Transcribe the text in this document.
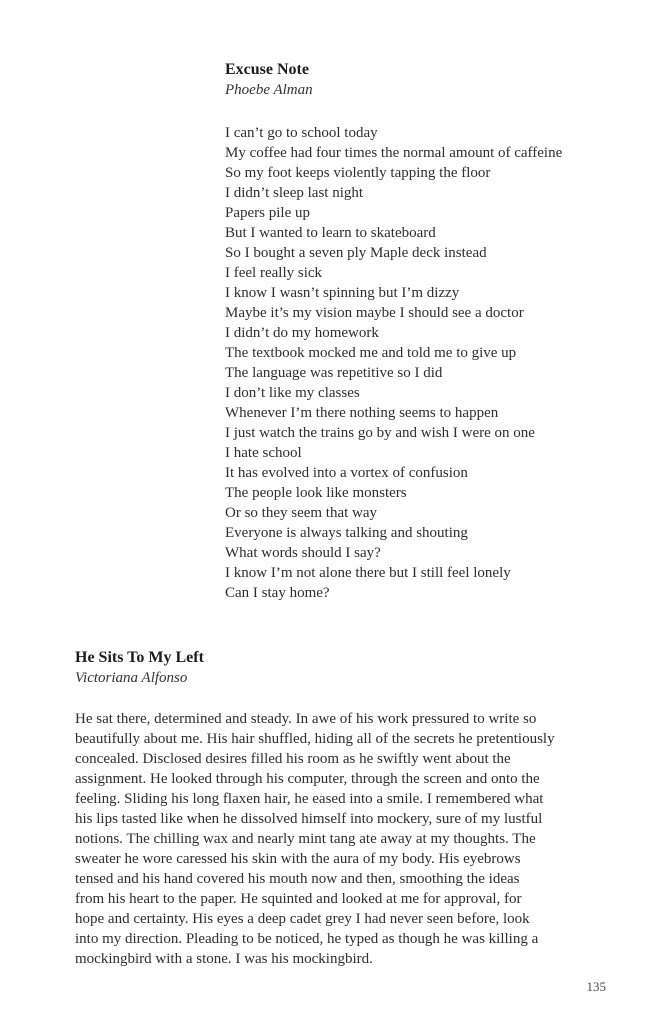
Excuse Note
Phoebe Alman
I can’t go to school today
My coffee had four times the normal amount of caffeine
So my foot keeps violently tapping the floor
I didn’t sleep last night
Papers pile up
But I wanted to learn to skateboard
So I bought a seven ply Maple deck instead
I feel really sick
I know I wasn’t spinning but I’m dizzy
Maybe it’s my vision maybe I should see a doctor
I didn’t do my homework
The textbook mocked me and told me to give up
The language was repetitive so I did
I don’t like my classes
Whenever I’m there nothing seems to happen
I just watch the trains go by and wish I were on one
I hate school
It has evolved into a vortex of confusion
The people look like monsters
Or so they seem that way
Everyone is always talking and shouting
What words should I say?
I know I’m not alone there but I still feel lonely
Can I stay home?
He Sits To My Left
Victoriana Alfonso
He sat there, determined and steady. In awe of his work pressured to write so
beautifully about me. His hair shuffled, hiding all of the secrets he pretentiously
concealed. Disclosed desires filled his room as he swiftly went about the
assignment. He looked through his computer, through the screen and onto the
feeling. Sliding his long flaxen hair, he eased into a smile. I remembered what
his lips tasted like when he dissolved himself into mockery, sure of my lustful
notions. The chilling wax and nearly mint tang ate away at my thoughts. The
sweater he wore caressed his skin with the aura of my body. His eyebrows
tensed and his hand covered his mouth now and then, smoothing the ideas
from his heart to the paper. He squinted and looked at me for approval, for
hope and certainty. His eyes a deep cadet grey I had never seen before, look
into my direction. Pleading to be noticed, he typed as though he was killing a
mockingbird with a stone. I was his mockingbird.
135
